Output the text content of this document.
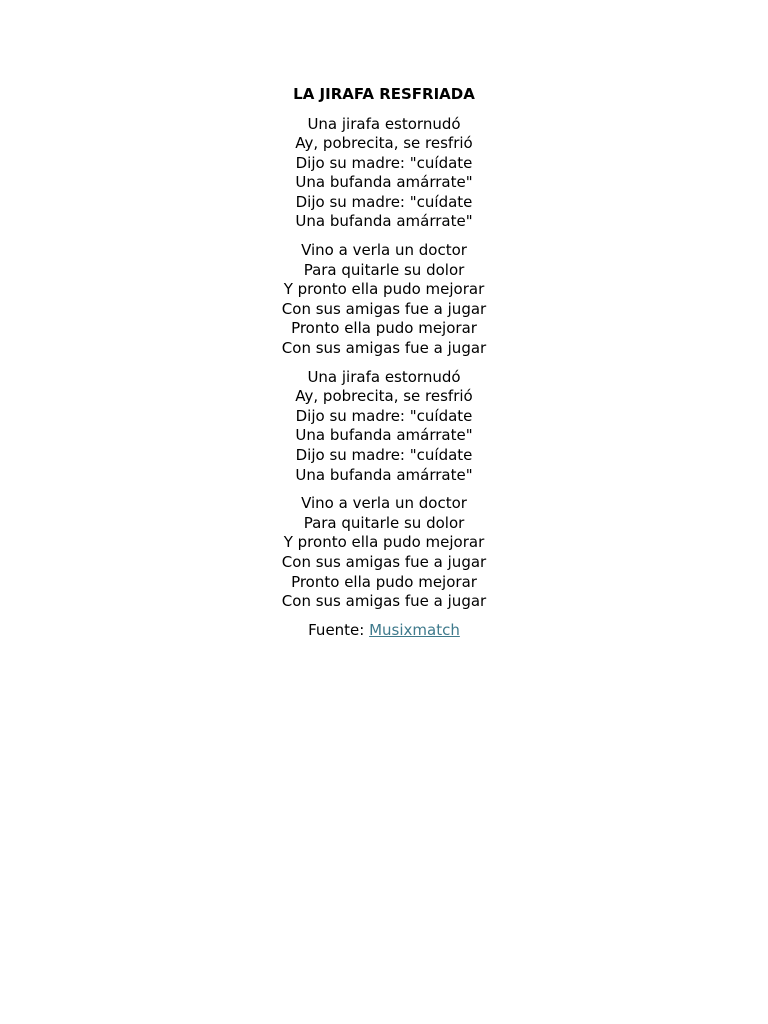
LA JIRAFA RESFRIADA
Una jirafa estornudó
Ay, pobrecita, se resfrió
Dijo su madre: "cuídate
Una bufanda amárrate"
Dijo su madre: "cuídate
Una bufanda amárrate"
Vino a verla un doctor
Para quitarle su dolor
Y pronto ella pudo mejorar
Con sus amigas fue a jugar
Pronto ella pudo mejorar
Con sus amigas fue a jugar
Una jirafa estornudó
Ay, pobrecita, se resfrió
Dijo su madre: "cuídate
Una bufanda amárrate"
Dijo su madre: "cuídate
Una bufanda amárrate"
Vino a verla un doctor
Para quitarle su dolor
Y pronto ella pudo mejorar
Con sus amigas fue a jugar
Pronto ella pudo mejorar
Con sus amigas fue a jugar
Fuente: Musixmatch
